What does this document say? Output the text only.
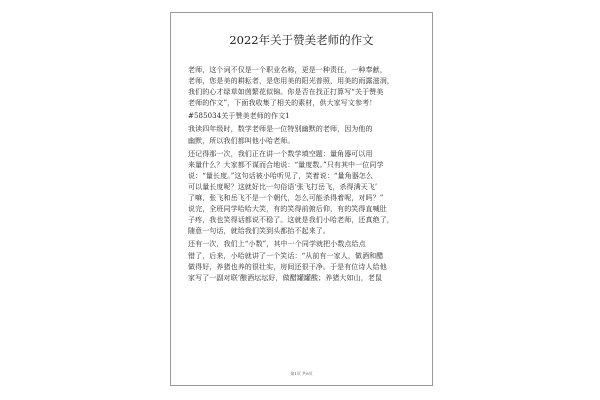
2022年关于赞美老师的作文
老师，这个词不仅是一个职业名称，更是一种责任，一种奉献，
老师，您是美的耕耘者，是您用美的阳光普照，用美的雨露滋润，
我们的心才绿草如茵繁花似锦。你是否在找正打算写“关于赞美
老师的作文”，下面我收集了相关的素材，供大家写文参考！
#585034关于赞美老师的作文1
我读四年级时，数学老师是一位特别幽默的老师，因为他的
幽默，所以我们都叫他小哈老师。
还记得那一次，我们正在讲一个数学填空题：量角器可以用
来量什么？大家都不谋而合地说：“量度数。”只有其中一位同学
说：“量长度。”这句话被小哈听见了，笑着说：“量角器怎么
可以量长度呢？这就好比一句俗语‘张飞打岳飞，杀得满天飞’
了嘛，张飞和岳飞不是一个朝代，怎么可能杀得着呢，对吗？”
说完，全班同学哈哈大笑，有的笑得前俯后仰，有的笑得直喊肚
子疼，我也笑得话都说不稳了。这就是我们小哈老师，还真绝了，
随意一句话，就给我们笑到头都抬不起来了。
还有一次，我们上“小数”，其中一个同学就把小数点给点
错了，后来，小哈就讲了一个笑话：“从前有一家人，做酒和醋
做得好，养猪也养的很壮实，房间还很干净。于是有位诗人给他
家写了一副对联‘酿酒坛坛好，做醋罐罐酸；养猪大如山，老鼠
第1页 共8页
